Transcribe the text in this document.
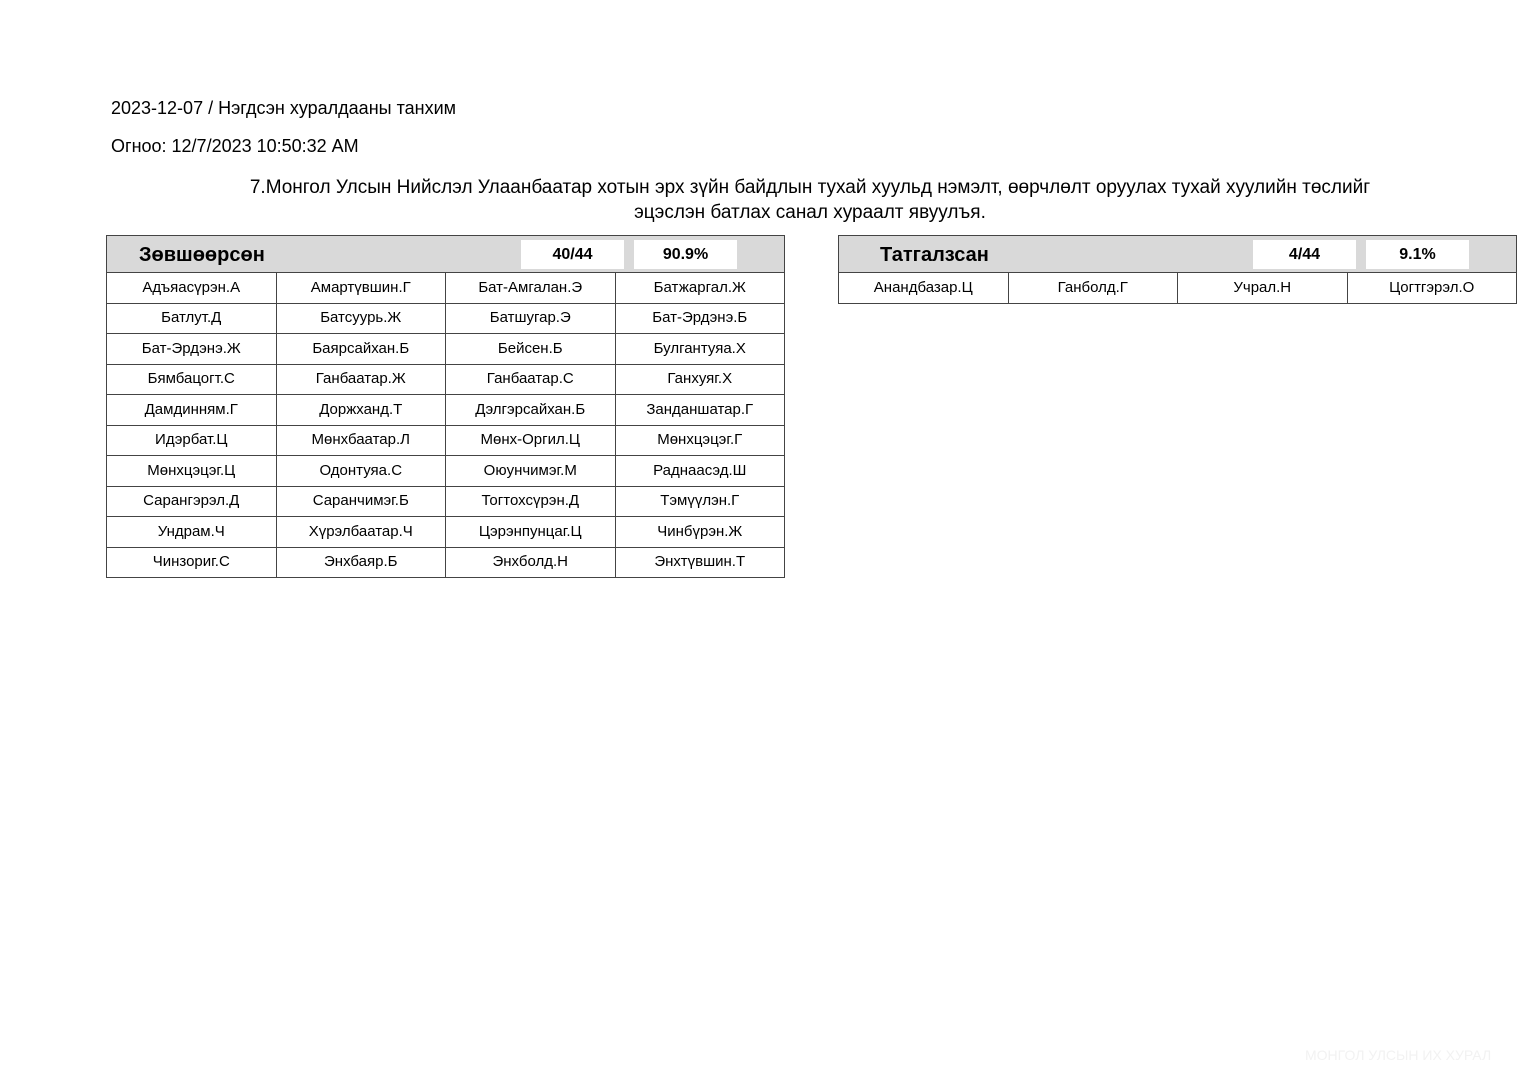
2023-12-07 / Нэгдсэн хуралдааны танхим
Огноо: 12/7/2023 10:50:32 AM
7.Монгол Улсын Нийслэл Улаанбаатар хотын эрх зүйн байдлын тухай хуульд нэмэлт, өөрчлөлт оруулах тухай хуулийн төслийг
эцэслэн батлах санал хураалт явуулъя.
Зөвшөөрсөн	40/44	90.9%
Адъяасүрэн.А	Амартүвшин.Г	Бат-Амгалан.Э	Батжаргал.Ж
Батлут.Д	Батсуурь.Ж	Батшугар.Э	Бат-Эрдэнэ.Б
Бат-Эрдэнэ.Ж	Баярсайхан.Б	Бейсен.Б	Булгантуяа.Х
Бямбацогт.С	Ганбаатар.Ж	Ганбаатар.С	Ганхуяг.Х
Дамдинням.Г	Доржханд.Т	Дэлгэрсайхан.Б	Занданшатар.Г
Идэрбат.Ц	Мөнхбаатар.Л	Мөнх-Оргил.Ц	Мөнхцэцэг.Г
Мөнхцэцэг.Ц	Одонтуяа.С	Оюунчимэг.М	Раднаасэд.Ш
Сарангэрэл.Д	Саранчимэг.Б	Тогтохсүрэн.Д	Тэмүүлэн.Г
Ундрам.Ч	Хүрэлбаатар.Ч	Цэрэнпунцаг.Ц	Чинбүрэн.Ж
Чинзориг.С	Энхбаяр.Б	Энхболд.Н	Энхтүвшин.Т
Татгалзсан	4/44	9.1%
Анандбазар.Ц	Ганболд.Г	Учрал.Н	Цогтгэрэл.О
МОНГОЛ УЛСЫН ИХ ХУРАЛ
